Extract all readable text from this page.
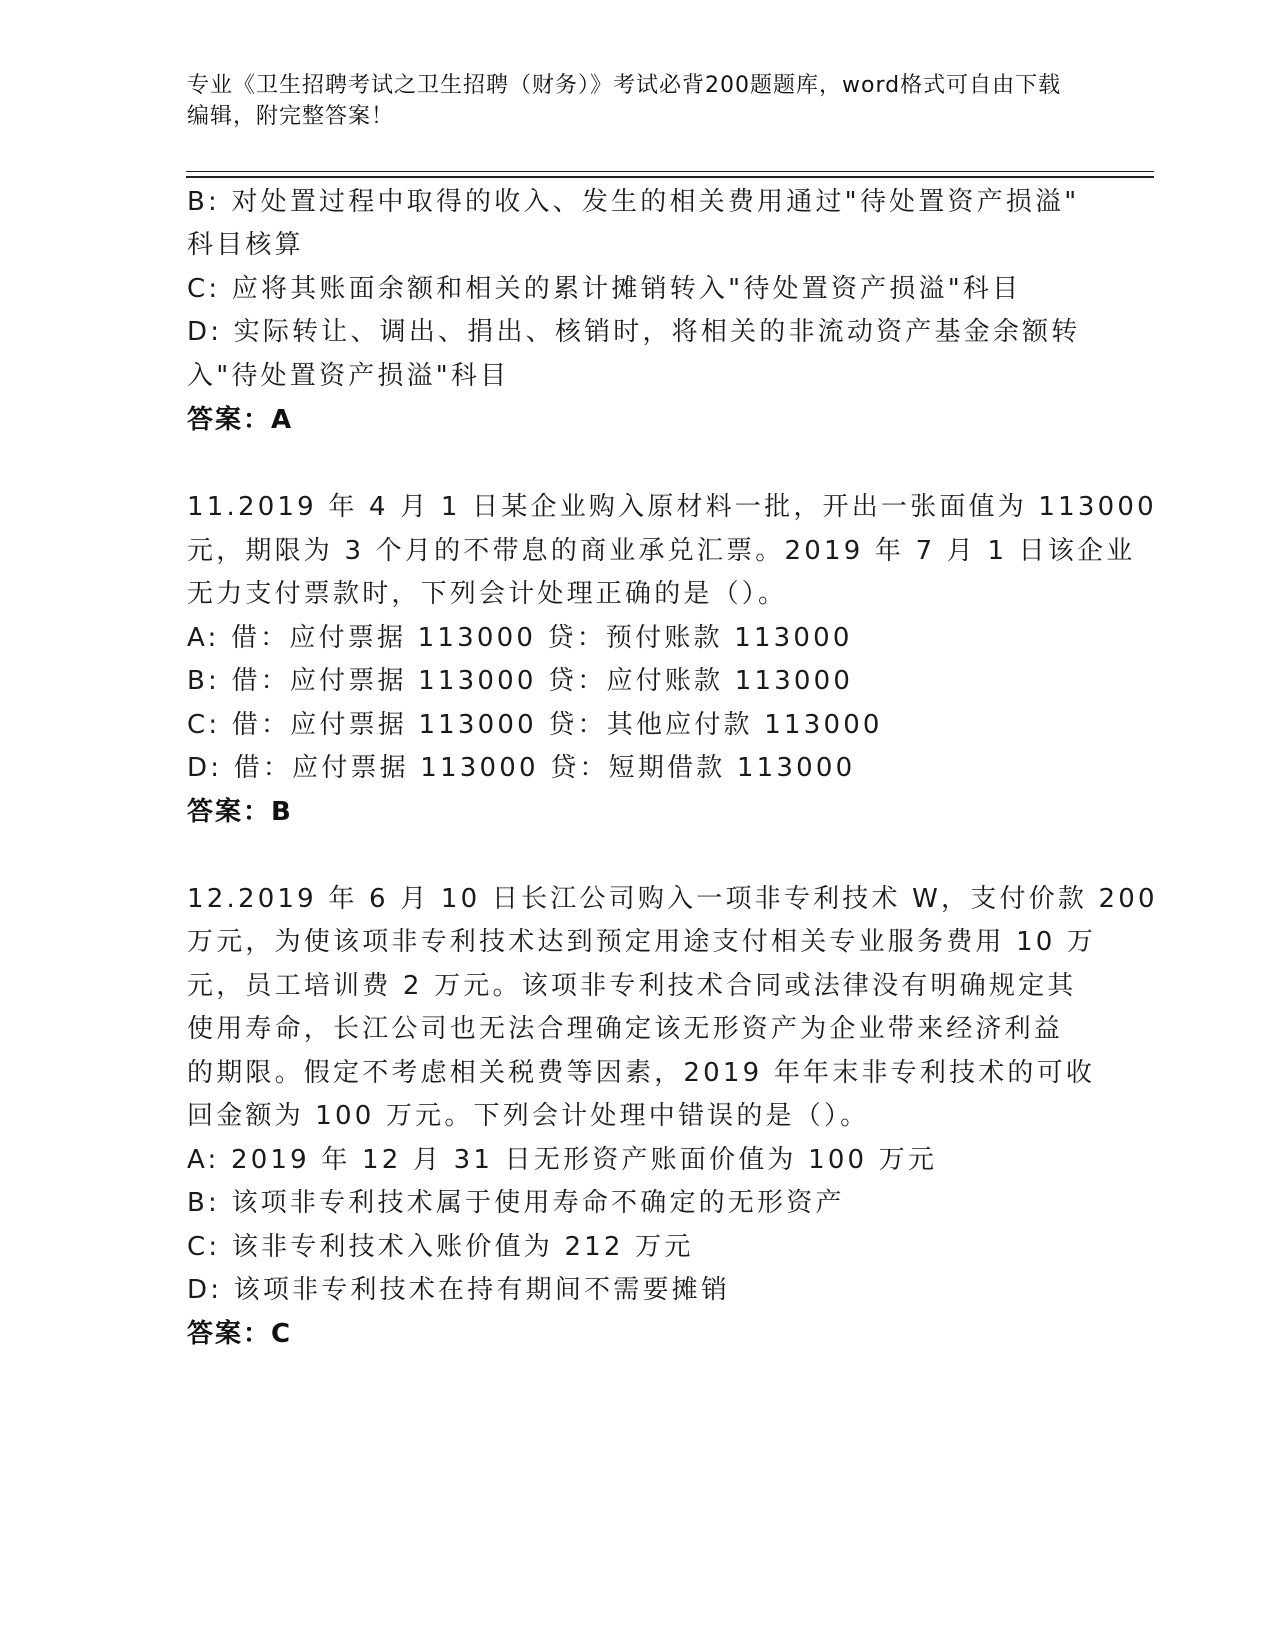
专业《卫生招聘考试之卫生招聘（财务）》考试必背200题题库，word格式可自由下载编辑，附完整答案！
B: 对处置过程中取得的收入、发生的相关费用通过"待处置资产损溢"
科目核算
C: 应将其账面余额和相关的累计摊销转入"待处置资产损溢"科目
D: 实际转让、调出、捐出、核销时，将相关的非流动资产基金余额转
入"待处置资产损溢"科目
答案：A
11.2019 年 4 月 1 日某企业购入原材料一批，开出一张面值为 113000
元，期限为 3 个月的不带息的商业承兑汇票。2019 年 7 月 1 日该企业
无力支付票款时，下列会计处理正确的是（）。
A: 借：应付票据 113000 贷：预付账款 113000
B: 借：应付票据 113000 贷：应付账款 113000
C: 借：应付票据 113000 贷：其他应付款 113000
D: 借：应付票据 113000 贷：短期借款 113000
答案：B
12.2019 年 6 月 10 日长江公司购入一项非专利技术 W，支付价款 200
万元，为使该项非专利技术达到预定用途支付相关专业服务费用 10 万
元，员工培训费 2 万元。该项非专利技术合同或法律没有明确规定其
使用寿命，长江公司也无法合理确定该无形资产为企业带来经济利益
的期限。假定不考虑相关税费等因素，2019 年年末非专利技术的可收
回金额为 100 万元。下列会计处理中错误的是（）。
A: 2019 年 12 月 31 日无形资产账面价值为 100 万元
B: 该项非专利技术属于使用寿命不确定的无形资产
C: 该非专利技术入账价值为 212 万元
D: 该项非专利技术在持有期间不需要摊销
答案：C
